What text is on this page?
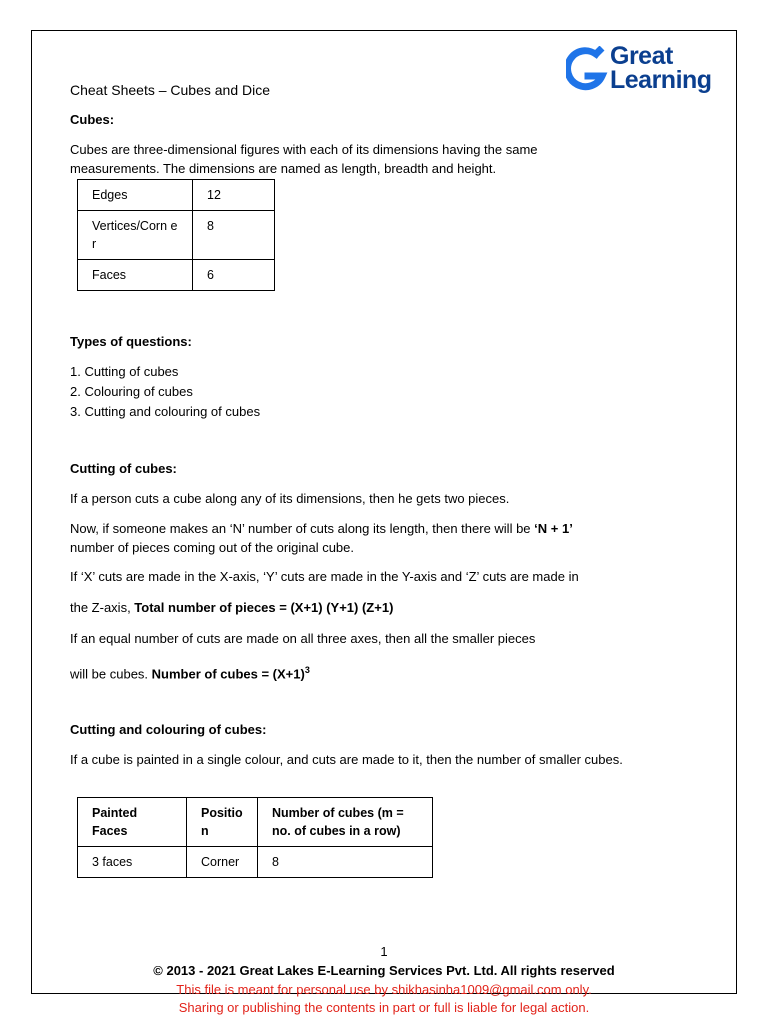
Great
Learning
Cheat Sheets – Cubes and Dice
Cubes:
Cubes are three-dimensional figures with each of its dimensions having the same
measurements. The dimensions are named as length, breadth and height.
Edges	12
Vertices/Corn er	8
Faces	6
Types of questions:
1. Cutting of cubes
2. Colouring of cubes
3. Cutting and colouring of cubes
Cutting of cubes:
If a person cuts a cube along any of its dimensions, then he gets two pieces.
Now, if someone makes an ‘N’ number of cuts along its length, then there will be ‘N + 1’
number of pieces coming out of the original cube.
If ‘X’ cuts are made in the X-axis, ‘Y’ cuts are made in the Y-axis and ‘Z’ cuts are made in
the Z-axis, Total number of pieces = (X+1) (Y+1) (Z+1)
If an equal number of cuts are made on all three axes, then all the smaller pieces
will be cubes. Number of cubes = $(X+1)^3$
Cutting and colouring of cubes:
If a cube is painted in a single colour, and cuts are made to it, then the number of smaller cubes.
Painted Faces	Positio n	Number of cubes (m = no. of cubes in a row)
3 faces	Corner	8
1
© 2013 - 2021 Great Lakes E-Learning Services Pvt. Ltd. All rights reserved
This file is meant for personal use by shikhasinha1009@gmail.com only.
Sharing or publishing the contents in part or full is liable for legal action.
